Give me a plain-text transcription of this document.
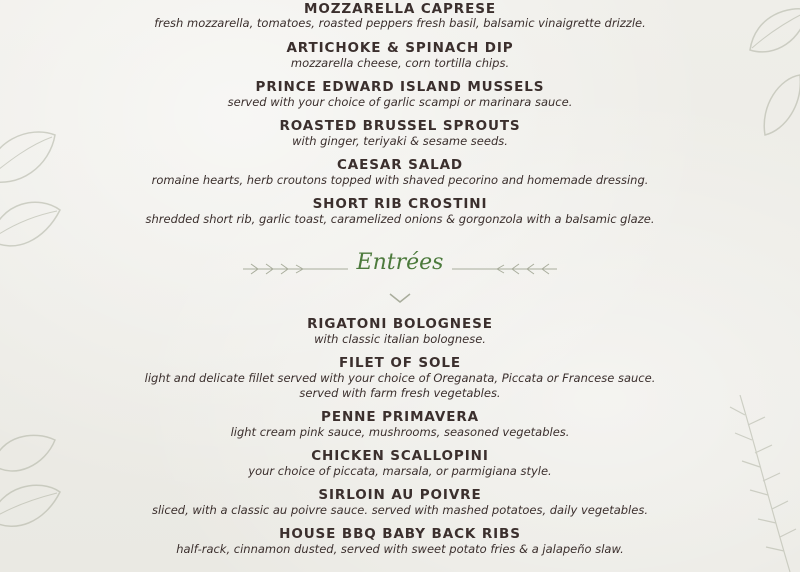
MOZZARELLA CAPRESE
fresh mozzarella, tomatoes, roasted peppers fresh basil, balsamic vinaigrette drizzle.
ARTICHOKE & SPINACH DIP
mozzarella cheese, corn tortilla chips.
PRINCE EDWARD ISLAND MUSSELS
served with your choice of garlic scampi or marinara sauce.
ROASTED BRUSSEL SPROUTS
with ginger, teriyaki & sesame seeds.
CAESAR SALAD
romaine hearts, herb croutons topped with shaved pecorino and homemade dressing.
SHORT RIB CROSTINI
shredded short rib, garlic toast, caramelized onions & gorgonzola with a balsamic glaze.
Entrées
RIGATONI BOLOGNESE
with classic italian bolognese.
FILET OF SOLE
light and delicate fillet served with your choice of Oreganata, Piccata or Francese sauce.
served with farm fresh vegetables.
PENNE PRIMAVERA
light cream pink sauce, mushrooms, seasoned vegetables.
CHICKEN SCALLOPINI
your choice of piccata, marsala, or parmigiana style.
SIRLOIN AU POIVRE
sliced, with a classic au poivre sauce. served with mashed potatoes, daily vegetables.
HOUSE BBQ BABY BACK RIBS
half-rack, cinnamon dusted, served with sweet potato fries & a jalapeño slaw.
